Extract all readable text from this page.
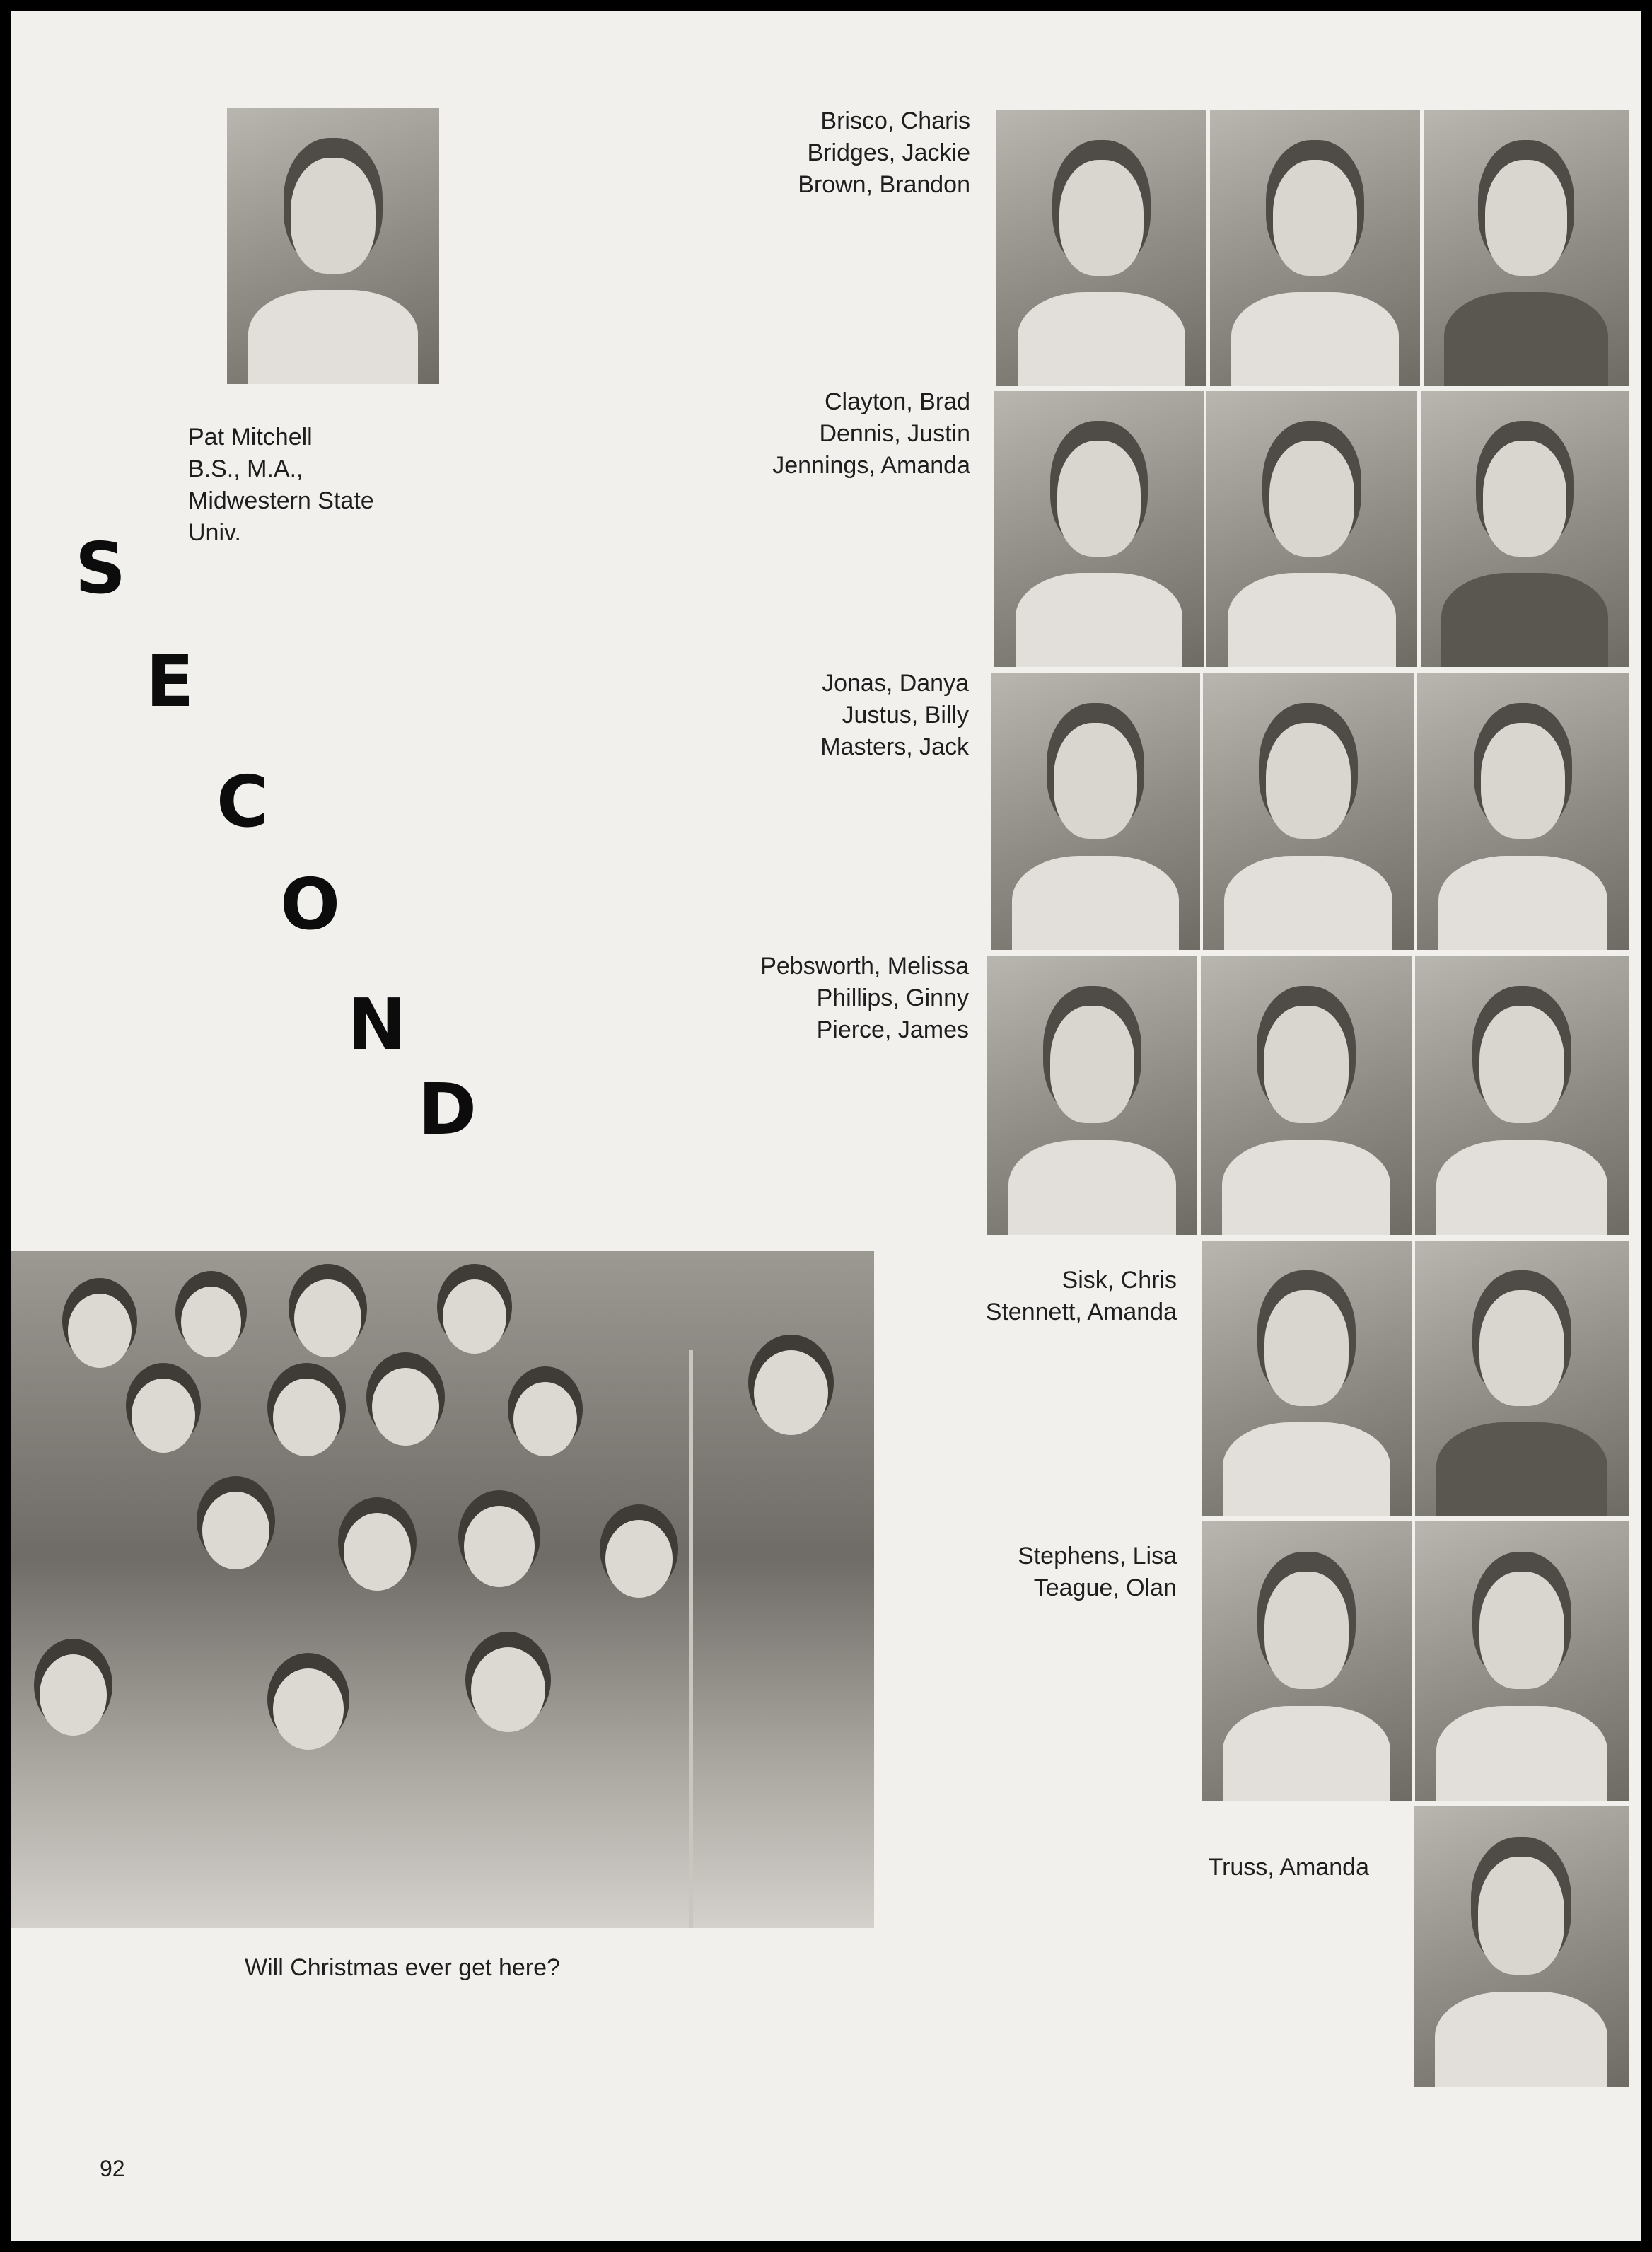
Pat Mitchell
B.S., M.A.,
Midwestern State
Univ.
S
E
C
O
N
D
Brisco, Charis
Bridges, Jackie
Brown, Brandon
Clayton, Brad
Dennis, Justin
Jennings, Amanda
Jonas, Danya
Justus, Billy
Masters, Jack
Pebsworth, Melissa
Phillips, Ginny
Pierce, James
Sisk, Chris
Stennett, Amanda
Stephens, Lisa
Teague, Olan
Truss, Amanda
Will Christmas ever get here?
92
